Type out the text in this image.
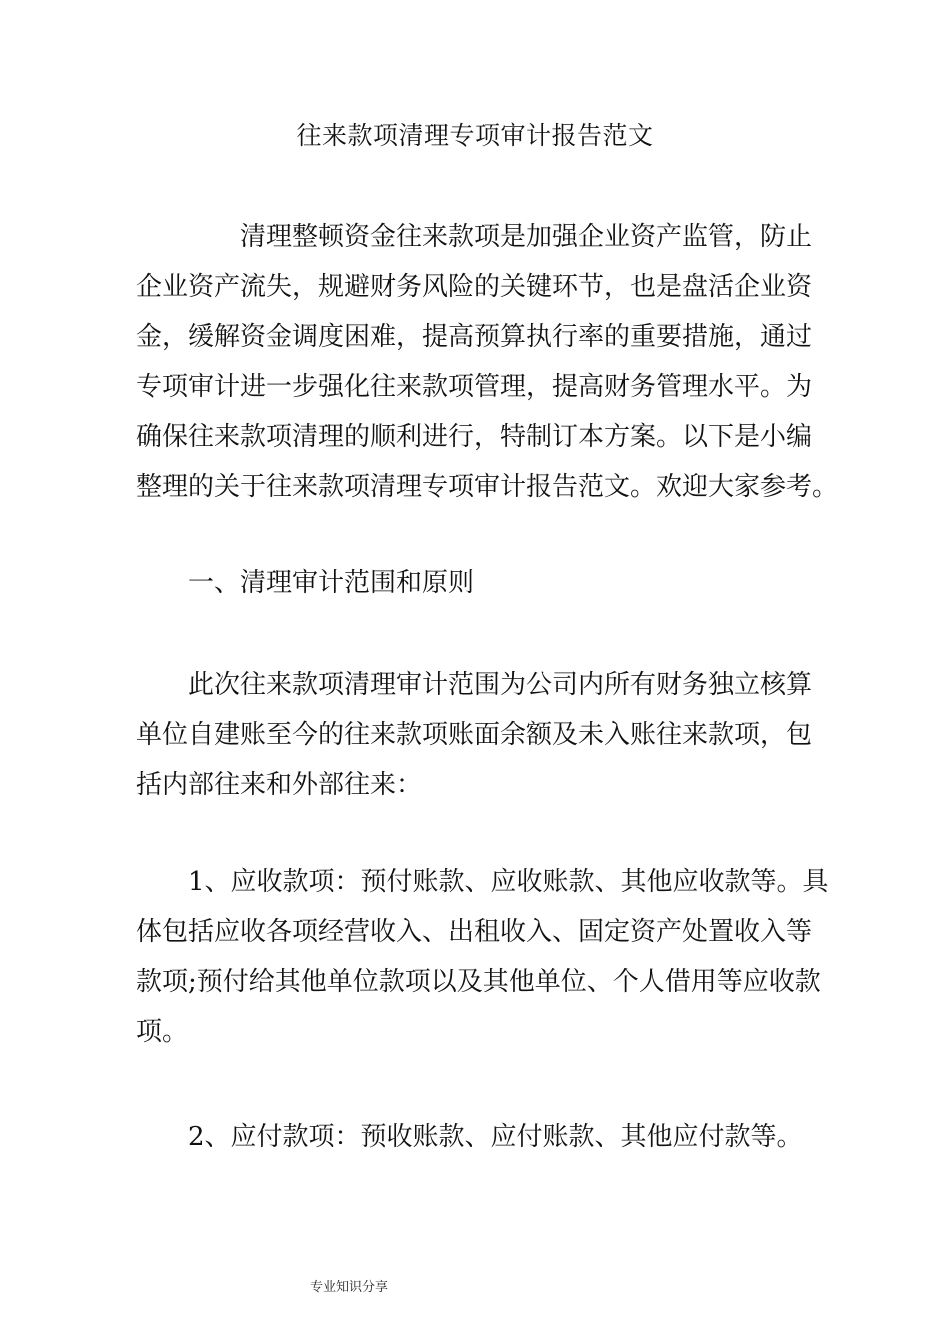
往来款项清理专项审计报告范文
清理整顿资金往来款项是加强企业资产监管，防止
企业资产流失，规避财务风险的关键环节，也是盘活企业资
金，缓解资金调度困难，提高预算执行率的重要措施，通过
专项审计进一步强化往来款项管理，提高财务管理水平。为
确保往来款项清理的顺利进行，特制订本方案。以下是小编
整理的关于往来款项清理专项审计报告范文。欢迎大家参考。
一、清理审计范围和原则
此次往来款项清理审计范围为公司内所有财务独立核算
单位自建账至今的往来款项账面余额及未入账往来款项，包
括内部往来和外部往来：
1、应收款项：预付账款、应收账款、其他应收款等。具
体包括应收各项经营收入、出租收入、固定资产处置收入等
款项;预付给其他单位款项以及其他单位、个人借用等应收款
项。
2、应付款项：预收账款、应付账款、其他应付款等。
专业知识分享
